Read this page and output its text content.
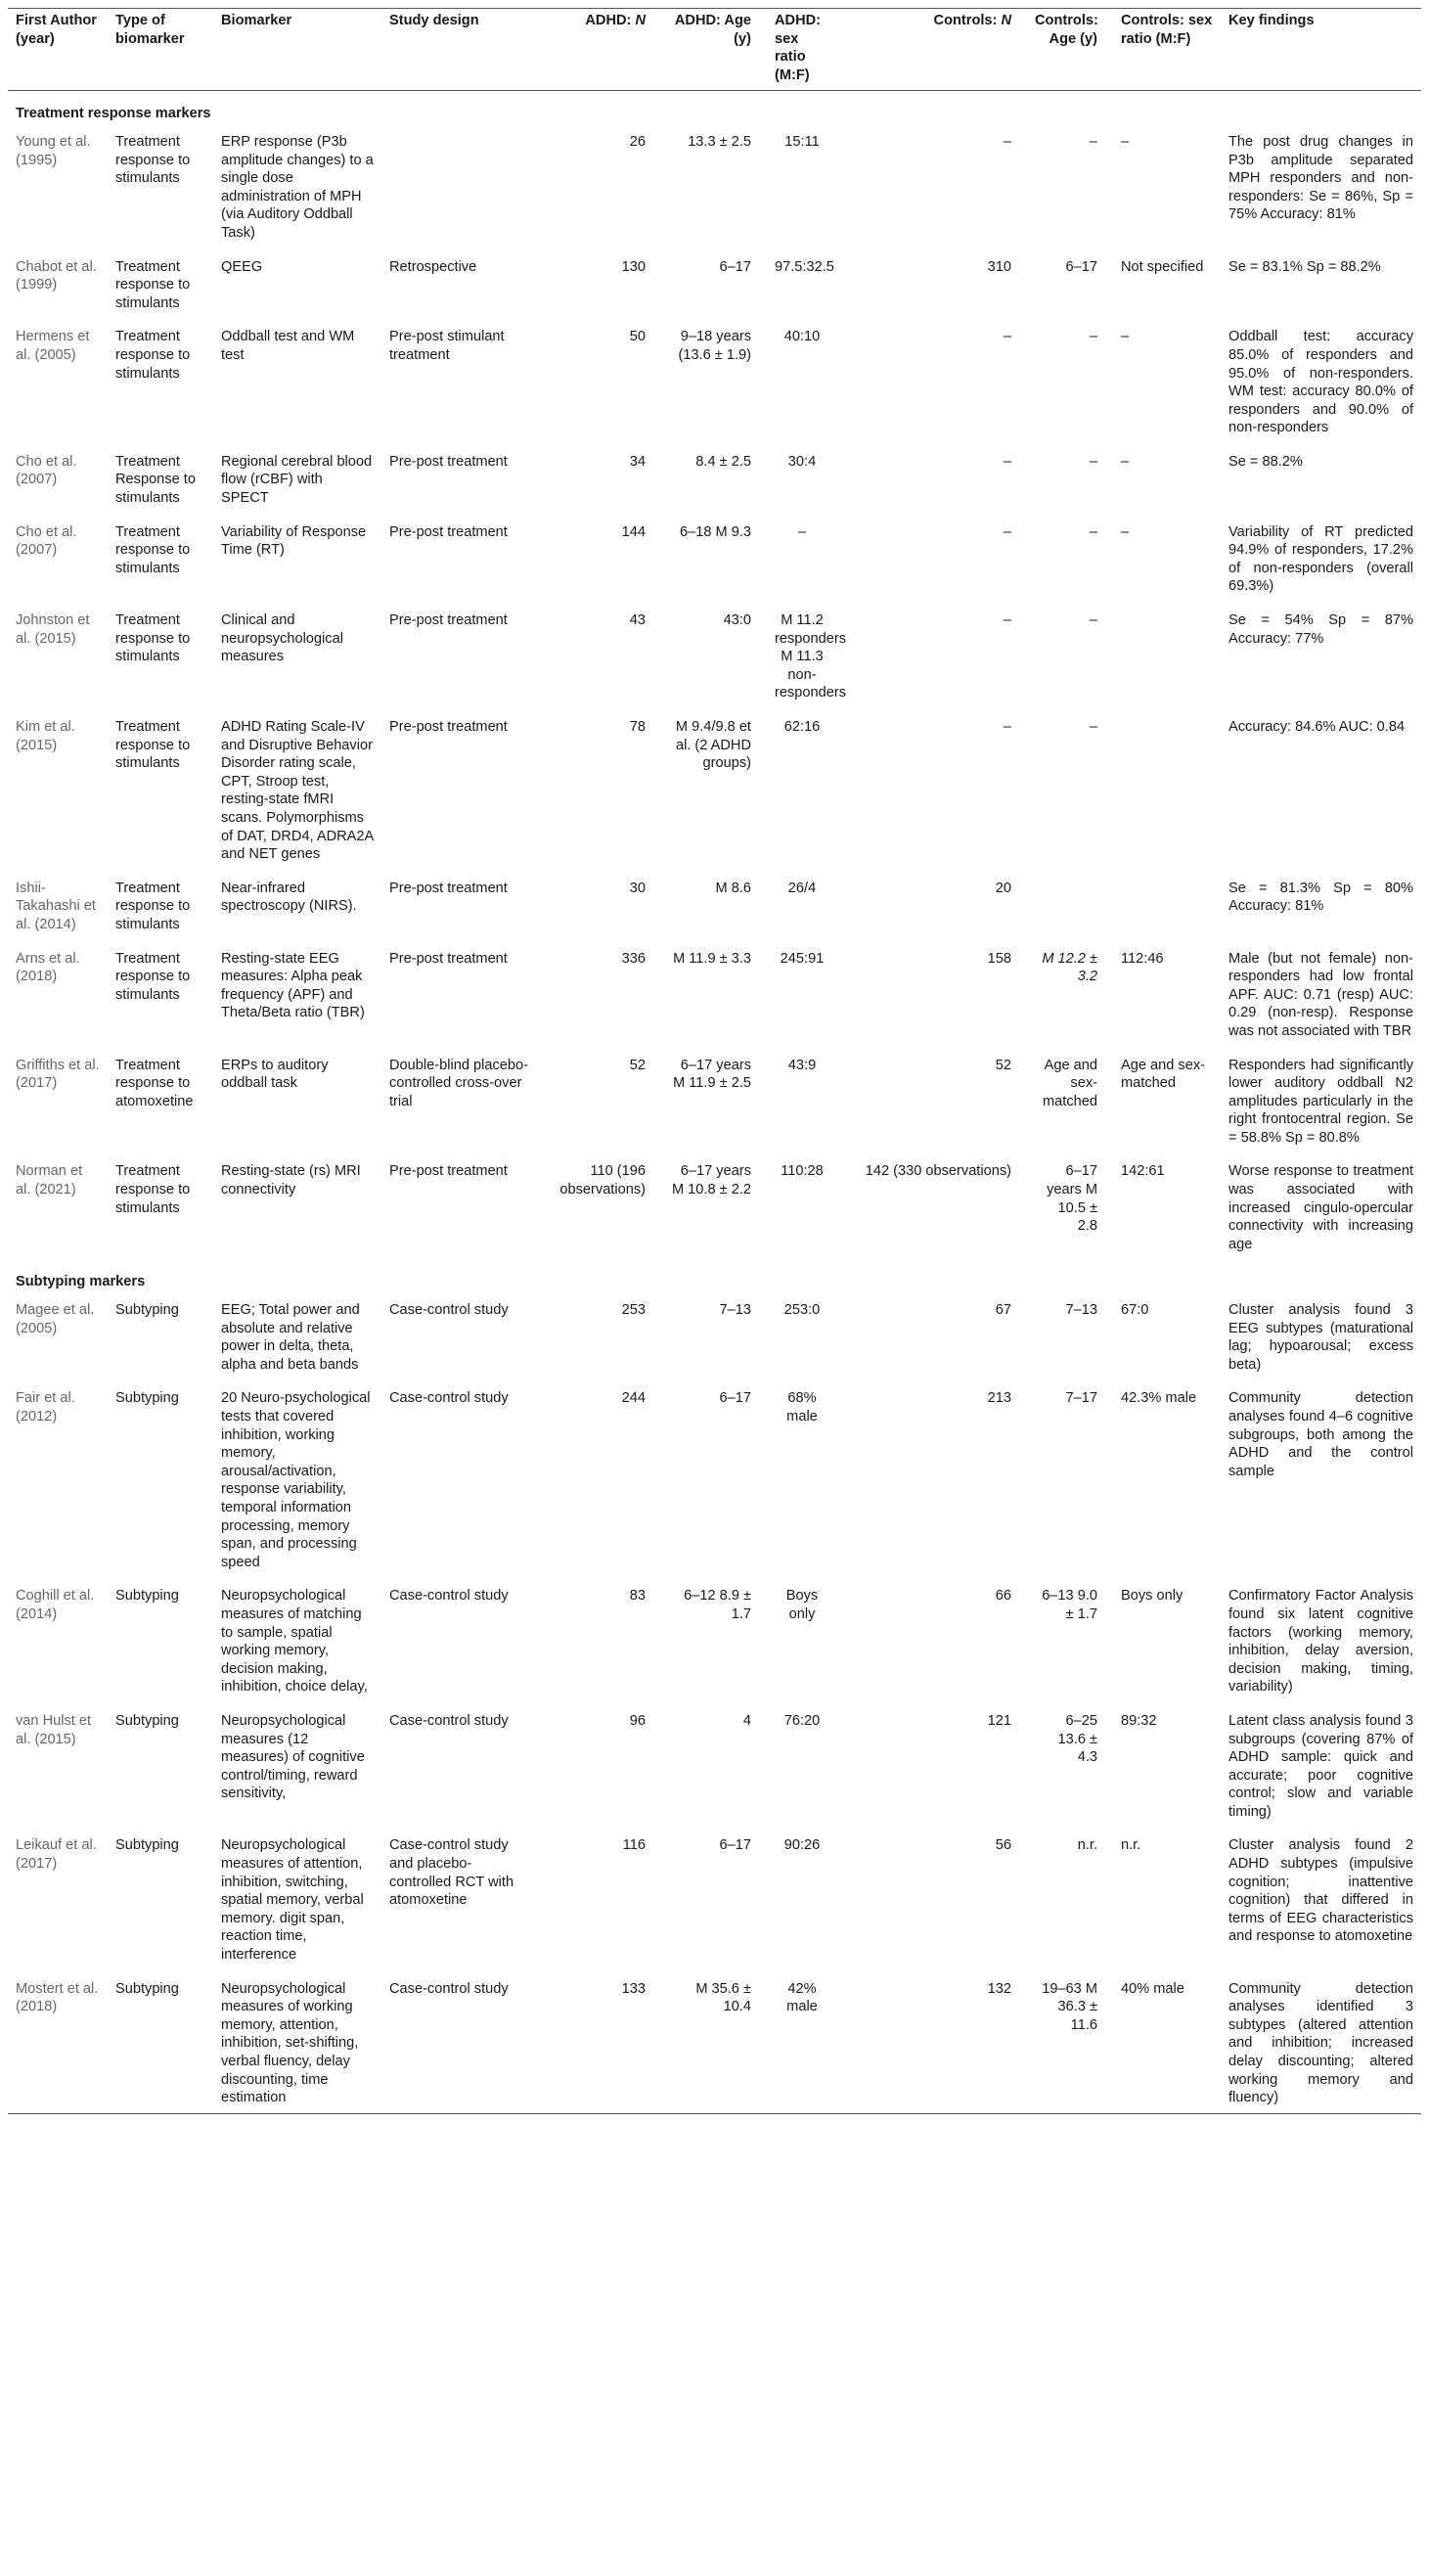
First Author (year)	Type of biomarker	Biomarker	Study design	ADHD: N	ADHD: Age (y)	ADHD: sex ratio (M:F)	Controls: N	Controls: Age (y)	Controls: sex ratio (M:F)	Key findings
Treatment response markers										
Young et al. (1995)	Treatment response to stimulants	ERP response (P3b amplitude changes) to a single dose administration of MPH (via Auditory Oddball Task)		26	13.3 ± 2.5	15:11	–	–	–	The post drug changes in P3b amplitude separated MPH responders and non-responders: Se = 86%, Sp = 75% Accuracy: 81%
Chabot et al. (1999)	Treatment response to stimulants	QEEG	Retrospective	130	6–17	97.5:32.5	310	6–17	Not specified	Se = 83.1% Sp = 88.2%
Hermens et al. (2005)	Treatment response to stimulants	Oddball test and WM test	Pre-post stimulant treatment	50	9–18 years (13.6 ± 1.9)	40:10	–	–	–	Oddball test: accuracy 85.0% of responders and 95.0% of non-responders. WM test: accuracy 80.0% of responders and 90.0% of non-responders
Cho et al. (2007)	Treatment Response to stimulants	Regional cerebral blood flow (rCBF) with SPECT	Pre-post treatment	34	8.4 ± 2.5	30:4	–	–	–	Se = 88.2%
Cho et al. (2007)	Treatment response to stimulants	Variability of Response Time (RT)	Pre-post treatment	144	6–18 M 9.3	–	–	–	–	Variability of RT predicted 94.9% of responders, 17.2% of non-responders (overall 69.3%)
Johnston et al. (2015)	Treatment response to stimulants	Clinical and neuropsychological measures	Pre-post treatment	43	43:0	M 11.2 responders M 11.3 non-responders	–	–		Se = 54% Sp = 87% Accuracy: 77%
Kim et al. (2015)	Treatment response to stimulants	ADHD Rating Scale-IV and Disruptive Behavior Disorder rating scale, CPT, Stroop test, resting-state fMRI scans. Polymorphisms of DAT, DRD4, ADRA2A and NET genes	Pre-post treatment	78	M 9.4/9.8 et al. (2 ADHD groups)	62:16	–	–		Accuracy: 84.6% AUC: 0.84
Ishii-Takahashi et al. (2014)	Treatment response to stimulants	Near-infrared spectroscopy (NIRS).	Pre-post treatment	30	M 8.6	26/4	20			Se = 81.3% Sp = 80% Accuracy: 81%
Arns et al. (2018)	Treatment response to stimulants	Resting-state EEG measures: Alpha peak frequency (APF) and Theta/Beta ratio (TBR)	Pre-post treatment	336	M 11.9 ± 3.3	245:91	158	M 12.2 ± 3.2	112:46	Male (but not female) non-responders had low frontal APF. AUC: 0.71 (resp) AUC: 0.29 (non-resp). Response was not associated with TBR
Griffiths et al. (2017)	Treatment response to atomoxetine	ERPs to auditory oddball task	Double-blind placebo-controlled cross-over trial	52	6–17 years M 11.9 ± 2.5	43:9	52	Age and sex-matched	Age and sex-matched	Responders had significantly lower auditory oddball N2 amplitudes particularly in the right frontocentral region. Se = 58.8% Sp = 80.8%
Norman et al. (2021)	Treatment response to stimulants	Resting-state (rs) MRI connectivity	Pre-post treatment	110 (196 observations)	6–17 years M 10.8 ± 2.2	110:28	142 (330 observations)	6–17 years M 10.5 ± 2.8	142:61	Worse response to treatment was associated with increased cingulo-opercular connectivity with increasing age
Subtyping markers										
Magee et al. (2005)	Subtyping	EEG; Total power and absolute and relative power in delta, theta, alpha and beta bands	Case-control study	253	7–13	253:0	67	7–13	67:0	Cluster analysis found 3 EEG subtypes (maturational lag; hypoarousal; excess beta)
Fair et al. (2012)	Subtyping	20 Neuro-psychological tests that covered inhibition, working memory, arousal/activation, response variability, temporal information processing, memory span, and processing speed	Case-control study	244	6–17	68% male	213	7–17	42.3% male	Community detection analyses found 4–6 cognitive subgroups, both among the ADHD and the control sample
Coghill et al. (2014)	Subtyping	Neuropsychological measures of matching to sample, spatial working memory, decision making, inhibition, choice delay,	Case-control study	83	6–12 8.9 ± 1.7	Boys only	66	6–13 9.0 ± 1.7	Boys only	Confirmatory Factor Analysis found six latent cognitive factors (working memory, inhibition, delay aversion, decision making, timing, variability)
van Hulst et al. (2015)	Subtyping	Neuropsychological measures (12 measures) of cognitive control/timing, reward sensitivity,	Case-control study	96	4	76:20	121	6–25 13.6 ± 4.3	89:32	Latent class analysis found 3 subgroups (covering 87% of ADHD sample: quick and accurate; poor cognitive control; slow and variable timing)
Leikauf et al. (2017)	Subtyping	Neuropsychological measures of attention, inhibition, switching, spatial memory, verbal memory. digit span, reaction time, interference	Case-control study and placebo-controlled RCT with atomoxetine	116	6–17	90:26	56	n.r.	n.r.	Cluster analysis found 2 ADHD subtypes (impulsive cognition; inattentive cognition) that differed in terms of EEG characteristics and response to atomoxetine
Mostert et al. (2018)	Subtyping	Neuropsychological measures of working memory, attention, inhibition, set-shifting, verbal fluency, delay discounting, time estimation	Case-control study	133	M 35.6 ± 10.4	42% male	132	19–63 M 36.3 ± 11.6	40% male	Community detection analyses identified 3 subtypes (altered attention and inhibition; increased delay discounting; altered working memory and fluency)
